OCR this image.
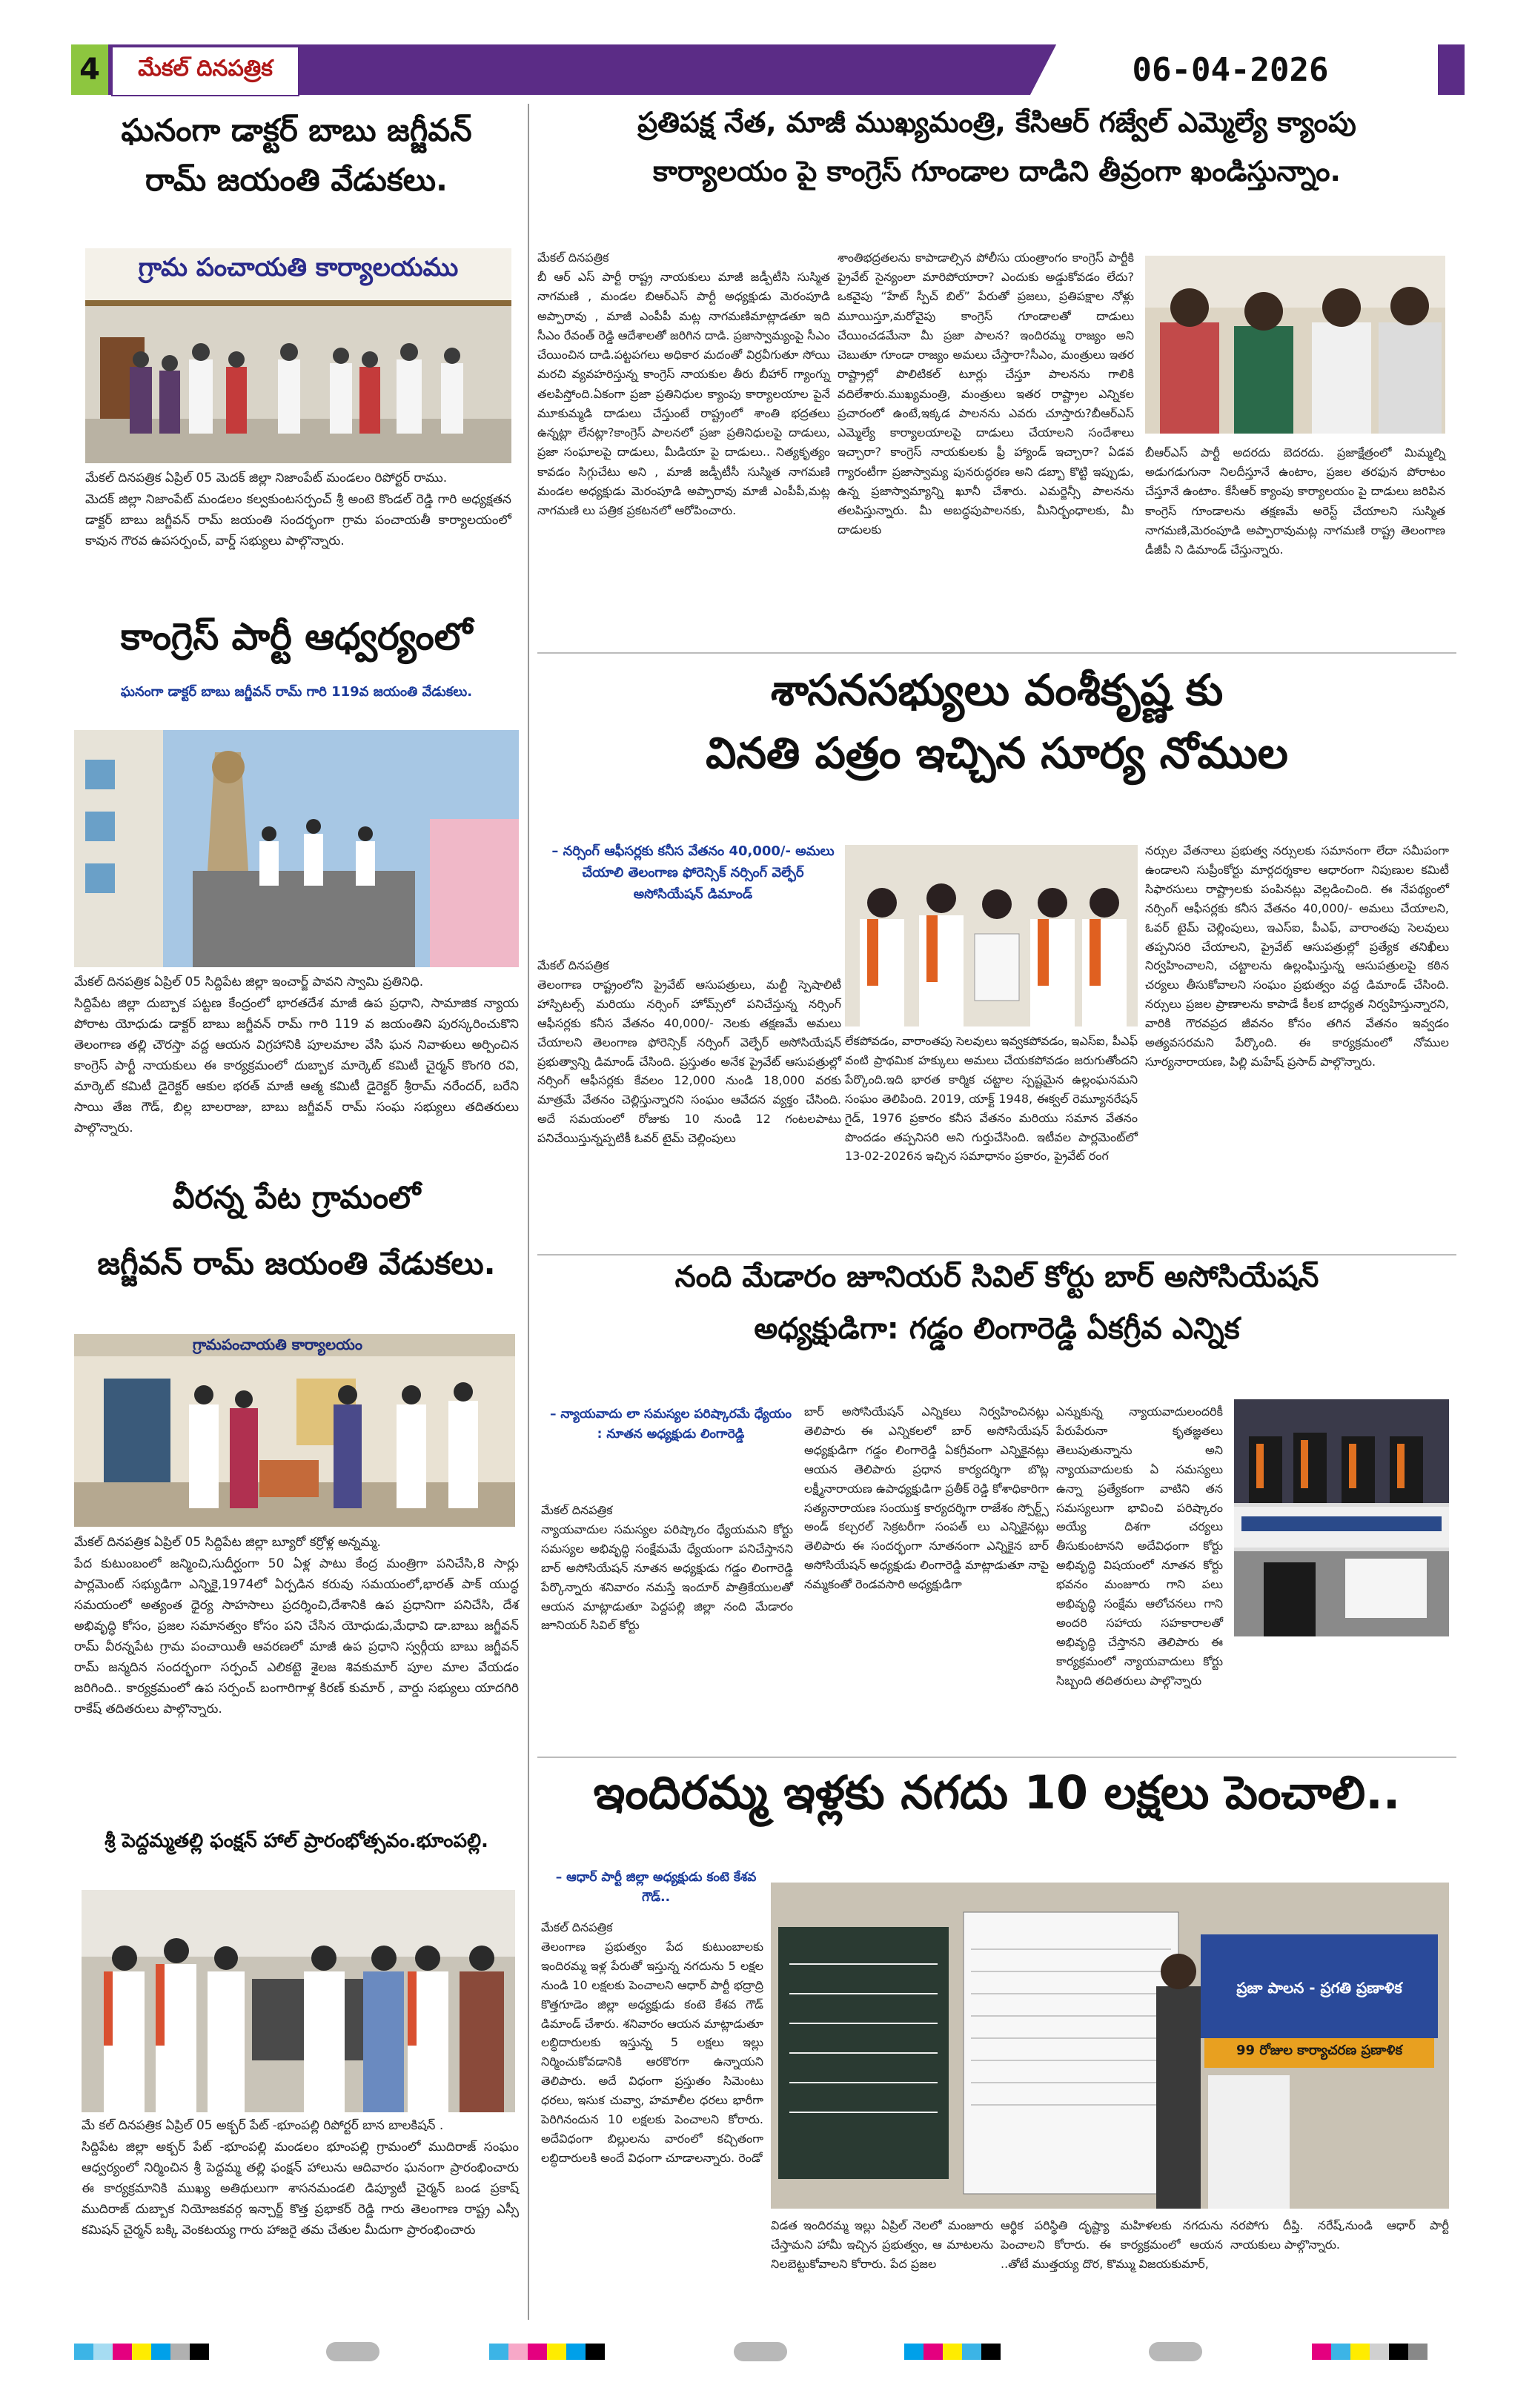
4	మేకల్ దినపత్రిక	06-04-2026
ఘనంగా డాక్టర్ బాబు జగ్జీవన్
రామ్ జయంతి వేడుకలు.
గ్రామ పంచాయతి కార్యాలయము
మేకల్ దినపత్రిక ఏప్రిల్ 05 మెదక్ జిల్లా నిజాంపేట్ మండలం రిపోర్టర్ రాము.
మెదక్ జిల్లా నిజాంపేట్ మండలం కల్వకుంటసర్పంచ్ శ్రీ అంటె కొండల్ రెడ్డి గారి అధ్యక్షతన డాక్టర్ బాబు జగ్జీవన్ రామ్ జయంతి సందర్భంగా గ్రామ పంచాయతీ కార్యాలయంలో కావున గౌరవ ఉపసర్పంచ్, వార్డ్ సభ్యులు పాల్గొన్నారు.
కాంగ్రెస్ పార్టీ ఆధ్వర్యంలో
ఘనంగా డాక్టర్ బాబు జగ్జీవన్ రామ్ గారి 119వ జయంతి వేడుకలు.
మేకల్ దినపత్రిక ఏప్రిల్ 05 సిద్దిపేట జిల్లా ఇంచార్జ్ పావని స్వామి ప్రతినిధి.
సిద్దిపేట జిల్లా దుబ్బాక పట్టణ కేంద్రంలో భారతదేశ మాజీ ఉప ప్రధాని, సామాజిక న్యాయ పోరాట యోధుడు డాక్టర్ బాబు జగ్జీవన్ రామ్ గారి 119 వ జయంతిని పురస్కరించుకొని తెలంగాణ తల్లి చౌరస్తా వద్ద ఆయన విగ్రహానికి పూలమాల వేసి ఘన నివాళులు అర్పించిన కాంగ్రెస్ పార్టీ నాయకులు ఈ కార్యక్రమంలో దుబ్బాక మార్కెట్ కమిటీ చైర్మన్ కొంగరి రవి, మార్కెట్ కమిటీ డైరెక్టర్ ఆకుల భరత్ మాజీ ఆత్మ కమిటీ డైరెక్టర్ శ్రీరామ్ నరేందర్, బరేని సాయి తేజ గౌడ్, బిల్ల బాలరాజు, బాబు జగ్జీవన్ రామ్ సంఘ సభ్యులు తదితరులు పాల్గొన్నారు.
వీరన్న పేట గ్రామంలో
జగ్జీవన్ రామ్ జయంతి వేడుకలు.
గ్రామపంచాయతి కార్యాలయం
మేకల్ దినపత్రిక ఏప్రిల్ 05 సిద్దిపేట జిల్లా బ్యూరో కర్రోళ్ల అన్నమ్మ.
పేద కుటుంబంలో జన్మించి,సుదీర్ఘంగా 50 ఏళ్ల పాటు కేంద్ర మంత్రిగా పనిచేసి,8 సార్లు పార్లమెంట్ సభ్యుడిగా ఎన్నికై,1974లో ఏర్పడిన కరువు సమయంలో,భారత్ పాక్ యుద్ధ సమయంలో అత్యంత ధైర్య సాహసాలు ప్రదర్శించి,దేశానికి ఉప ప్రధానిగా పనిచేసి, దేశ అభివృద్ధి కోసం, ప్రజల సమానత్వం కోసం పని చేసిన యోధుడు,మేధావి డా.బాబు జగ్జీవన్ రామ్ వీరన్నపేట గ్రామ పంచాయితీ ఆవరణలో మాజీ ఉప ప్రధాని స్వర్గీయ బాబు జగ్జీవన్ రామ్ జన్మదిన సందర్భంగా సర్పంచ్ ఎలికట్టె శైలజ శివకుమార్ పూల మాల వేయడం జరిగింది.. కార్యక్రమంలో ఉప సర్పంచ్ బంగారిగాళ్ల కిరణ్ కుమార్ , వార్డు సభ్యులు యాదగిరి రాకేష్ తదితరులు పాల్గొన్నారు.
శ్రీ పెద్దమ్మతల్లి ఫంక్షన్ హాల్ ప్రారంభోత్సవం.భూంపల్లి.
మే కల్ దినపత్రిక ఏప్రిల్ 05 అక్బర్ పేట్ -భూంపల్లి రిపోర్టర్ బాన బాలకిషన్ .
సిద్దిపేట జిల్లా అక్బర్ పేట్ -భూంపల్లి మండలం భూంపల్లి గ్రామంలో ముదిరాజ్ సంఘం ఆధ్వర్యంలో నిర్మించిన శ్రీ పెద్దమ్మ తల్లి ఫంక్షన్ హాలును ఆదివారం ఘనంగా ప్రారంభించారు ఈ కార్యక్రమానికి ముఖ్య అతిథులుగా శాసనమండలి డిప్యూటీ చైర్మన్ బండ ప్రకాష్ ముదిరాజ్ దుబ్బాక నియోజకవర్గ ఇన్చార్జ్ కొత్త ప్రభాకర్ రెడ్డి గారు తెలంగాణ రాష్ట్ర ఎస్సీ కమిషన్ చైర్మన్ బక్కి వెంకటయ్య గారు హాజరై తమ చేతుల మీదుగా ప్రారంభించారు
ప్రతిపక్ష నేత, మాజీ ముఖ్యమంత్రి, కేసిఆర్ గజ్వేల్ ఎమ్మెల్యే క్యాంపు
కార్యాలయం పై కాంగ్రెస్ గూండాల దాడిని తీవ్రంగా ఖండిస్తున్నాం.
మేకల్ దినపత్రిక
బీ ఆర్ ఎస్ పార్టీ రాష్ట్ర నాయకులు మాజీ జడ్పీటీసి సుస్మిత నాగమణి , మండల బిఆర్ఎస్ పార్టీ అధ్యక్షుడు మెరంపూడి అప్పారావు , మాజీ ఎంపీపీ మట్ల నాగమణిమాట్లాడతూ ఇది సీఎం రేవంత్ రెడ్డి ఆదేశాలతో జరిగిన దాడి. ప్రజాస్వామ్యంపై సీఎం చేయించిన దాడి.పట్టపగలు అధికార మదంతో విర్రవీగుతూ సోయి మరచి వ్యవహరిస్తున్న కాంగ్రెస్ నాయకుల తీరు బీహార్ గ్యాంగ్ను తలపిస్తోంది.ఏకంగా ప్రజా ప్రతినిధుల క్యాంపు కార్యాలయాల పైనే మూకుమ్మడి దాడులు చేస్తుంటే రాష్ట్రంలో శాంతి భద్రతలు ఉన్నట్లా లేనట్లా?కాంగ్రెస్ పాలనలో ప్రజా ప్రతినిధులపై దాడులు, ప్రజా సంఘాలపై దాడులు, మీడియా పై దాడులు.. నిత్యకృత్యం కావడం సిగ్గుచేటు అని , మాజీ జడ్పీటీసీ సుస్మిత నాగమణి మండల అధ్యక్షుడు మెరంపూడి అప్పారావు మాజీ ఎంపీపీ,మట్ల నాగమణి లు పత్రిక ప్రకటనలో ఆరోపించారు.
శాంతిభద్రతలను కాపాడాల్సిన పోలీసు యంత్రాంగం కాంగ్రెస్ పార్టీకి ప్రైవేట్ సైన్యంలా మారిపోయారా? ఎందుకు అడ్డుకోవడం లేదు? ఒకవైపు “హేట్ స్పీచ్ బిల్” పేరుతో ప్రజలు, ప్రతిపక్షాల నోళ్లు మూయిస్తూ,మరోవైపు కాంగ్రెస్ గూండాలతో దాడులు చేయించడమేనా మీ ప్రజా పాలన? ఇందిరమ్మ రాజ్యం అని చెబుతూ గూండా రాజ్యం అమలు చేస్తారా?సీఎం, మంత్రులు ఇతర రాష్ట్రాల్లో పొలిటికల్ టూర్లు చేస్తూ పాలనను గాలికి వదిలేశారు.ముఖ్యమంత్రి, మంత్రులు ఇతర రాష్ట్రాల ఎన్నికల ప్రచారంలో ఉంటే,ఇక్కడ పాలనను ఎవరు చూస్తారు?బీఆర్ఎస్ ఎమ్మెల్యే కార్యాలయాలపై దాడులు చేయాలని సందేశాలు ఇచ్చారా? కాంగ్రెస్ నాయకులకు ఫ్రీ హ్యాండ్ ఇచ్చారా? ఏడవ గ్యారంటీగా ప్రజాస్వామ్య పునరుద్ధరణ అని డబ్బా కొట్టి ఇప్పుడు, ఉన్న ప్రజాస్వామ్యాన్ని ఖూనీ చేశారు. ఎమర్జెన్సీ పాలనను తలపిస్తున్నారు. మీ అబద్ధపుపాలనకు, మీనిర్బంధాలకు, మీ దాడులకు
బీఆర్ఎస్ పార్టీ అదరదు బెదరదు. ప్రజాక్షేత్రంలో మిమ్మల్ని అడుగడుగునా నిలదీస్తూనే ఉంటాం, ప్రజల తరఫున పోరాటం చేస్తూనే ఉంటాం. కేసీఆర్ క్యాంపు కార్యాలయం పై దాడులు జరిపిన కాంగ్రెస్ గూండాలను తక్షణమే అరెస్ట్ చేయాలని సుస్మిత నాగమణి,మెరంపూడి అప్పారావుమట్ల నాగమణి రాష్ట్ర తెలంగాణ డీజీపీ ని డిమాండ్ చేస్తున్నారు.
శాసనసభ్యులు వంశీకృష్ణ కు
వినతి పత్రం ఇచ్చిన సూర్య నోముల
– నర్సింగ్ ఆఫీసర్లకు కనీస వేతనం 40,000/- అమలు చేయాలి తెలంగాణ ఫోరెన్సిక్ నర్సింగ్ వెల్ఫేర్ అసోసియేషన్ డిమాండ్
మేకల్ దినపత్రిక
తెలంగాణ రాష్ట్రంలోని ప్రైవేట్ ఆసుపత్రులు, మల్టీ స్పెషాలిటీ హాస్పిటల్స్ మరియు నర్సింగ్ హోమ్స్‌లో పనిచేస్తున్న నర్సింగ్ ఆఫీసర్లకు కనీస వేతనం 40,000/- నెలకు తక్షణమే అమలు చేయాలని తెలంగాణ ఫోరెన్సిక్ నర్సింగ్ వెల్ఫేర్ అసోసియేషన్ ప్రభుత్వాన్ని డిమాండ్ చేసింది. ప్రస్తుతం అనేక ప్రైవేట్ ఆసుపత్రుల్లో నర్సింగ్ ఆఫీసర్లకు కేవలం 12,000 నుండి 18,000 వరకు మాత్రమే వేతనం చెల్లిస్తున్నారని సంఘం ఆవేదన వ్యక్తం చేసింది. అదే సమయంలో రోజుకు 10 నుండి 12 గంటలపాటు పనిచేయిస్తున్నప్పటికీ ఓవర్ టైమ్ చెల్లింపులు
లేకపోవడం, వారాంతపు సెలవులు ఇవ్వకపోవడం, ఇఎస్ఐ, పీఎఫ్ వంటి ప్రాథమిక హక్కులు అమలు చేయకపోవడం జరుగుతోందని పేర్కొంది.ఇది భారత కార్మిక చట్టాల స్పష్టమైన ఉల్లంఘనమని సంఘం తెలిపింది. 2019, యాక్ట్ 1948, ఈక్వల్ రెమ్యూనరేషన్ గైడ్‌, 1976 ప్రకారం కనీస వేతనం మరియు సమాన వేతనం పొందడం తప్పనిసరి అని గుర్తుచేసింది. ఇటీవల పార్లమెంట్‌లో 13-02-2026న ఇచ్చిన సమాధానం ప్రకారం, ప్రైవేట్ రంగ
నర్సుల వేతనాలు ప్రభుత్వ నర్సులకు సమానంగా లేదా సమీపంగా ఉండాలని సుప్రీంకోర్టు మార్గదర్శకాల ఆధారంగా నిపుణుల కమిటీ సిఫారసులు రాష్ట్రాలకు పంపినట్లు వెల్లడించింది. ఈ నేపథ్యంలో నర్సింగ్ ఆఫీసర్లకు కనీస వేతనం 40,000/- అమలు చేయాలని, ఓవర్ టైమ్ చెల్లింపులు, ఇఎస్ఐ, పీఎఫ్, వారాంతపు సెలవులు తప్పనిసరి చేయాలని, ప్రైవేట్ ఆసుపత్రుల్లో ప్రత్యేక తనిఖీలు నిర్వహించాలని, చట్టాలను ఉల్లంఘిస్తున్న ఆసుపత్రులపై కఠిన చర్యలు తీసుకోవాలని సంఘం ప్రభుత్వం వద్ద డిమాండ్ చేసింది. నర్సులు ప్రజల ప్రాణాలను కాపాడే కీలక బాధ్యత నిర్వహిస్తున్నారని, వారికి గౌరవప్రద జీవనం కోసం తగిన వేతనం ఇవ్వడం అత్యవసరమని పేర్కొంది. ఈ కార్యక్రమంలో నోముల సూర్యనారాయణ, పిల్లి మహేష్ ప్రసాద్ పాల్గొన్నారు.
నంది మేడారం జూనియర్ సివిల్ కోర్టు బార్ అసోసియేషన్
అధ్యక్షుడిగా: గడ్డం లింగారెడ్డి ఏకగ్రీవ ఎన్నిక
– న్యాయవాదు లా సమస్యల పరిష్కారమే ధ్యేయం : నూతన అధ్యక్షుడు లింగారెడ్డి
మేకల్ దినపత్రిక
న్యాయవాదుల సమస్యల పరిష్కారం ధ్యేయమని కోర్టు సమస్యల అభివృద్ధి సంక్షేమమే ధ్యేయంగా పనిచేస్తానని బార్ అసోసియేషన్ నూతన అధ్యక్షుడు గడ్డం లింగారెడ్డి పేర్కొన్నారు శనివారం నమస్తే ఇందూర్ పాత్రికేయులతో ఆయన మాట్లాడుతూ పెద్దపల్లి జిల్లా నంది మేడారం జూనియర్ సివిల్ కోర్టు
బార్ అసోసియేషన్ ఎన్నికలు నిర్వహించినట్లు తెలిపారు ఈ ఎన్నికలలో బార్ అసోసియేషన్ అధ్యక్షుడిగా గడ్డం లింగారెడ్డి ఏకగ్రీవంగా ఎన్నికైనట్లు ఆయన తెలిపారు ప్రధాన కార్యదర్శిగా బొట్ల లక్ష్మీనారాయణ ఉపాధ్యక్షుడిగా ప్రతీక్ రెడ్డి కోశాధికారిగా సత్యనారాయణ సంయుక్త కార్యదర్శిగా రాజేశం స్పోర్ట్స్ అండ్ కల్చరల్ సెక్రటరీగా సంపత్ లు ఎన్నికైనట్లు తెలిపారు ఈ సందర్భంగా నూతనంగా ఎన్నికైన బార్ అసోసియేషన్ అధ్యక్షుడు లింగారెడ్డి మాట్లాడుతూ నాపై నమ్మకంతో రెండవసారి అధ్యక్షుడిగా
ఎన్నుకున్న న్యాయవాదులందరికీ పేరుపేరునా కృతజ్ఞతలు తెలుపుతున్నాను అని న్యాయవాదులకు ఏ సమస్యలు ఉన్నా ప్రత్యేకంగా వాటిని తన సమస్యలుగా భావించి పరిష్కారం అయ్యే దిశగా చర్యలు తీసుకుంటానని అదేవిధంగా కోర్టు అభివృద్ధి విషయంలో నూతన కోర్టు భవనం మంజూరు గాని పలు అభివృద్ధి సంక్షేమ ఆలోచనలు గాని అందరి సహాయ సహకారాలతో అభివృద్ధి చేస్తానని తెలిపారు ఈ కార్యక్రమంలో న్యాయవాదులు కోర్టు సిబ్బంది తదితరులు పాల్గొన్నారు
ఇందిరమ్మ ఇళ్లకు నగదు 10 లక్షలు పెంచాలి..
– ఆధార్ పార్టీ జిల్లా అధ్యక్షుడు కంటె కేశవ గౌడ్..
మేకల్ దినపత్రిక
తెలంగాణ ప్రభుత్వం పేద కుటుంబాలకు ఇందిరమ్మ ఇళ్ల పేరుతో ఇస్తున్న నగదును 5 లక్షల నుండి 10 లక్షలకు పెంచాలని ఆధార్ పార్టీ భద్రాద్రి కొత్తగూడెం జిల్లా అధ్యక్షుడు కంటె కేశవ గౌడ్ డిమాండ్ చేశారు. శనివారం ఆయన మాట్లాడుతూ లబ్ధిదారులకు ఇస్తున్న 5 లక్షలు ఇల్లు నిర్మించుకోవడానికి ఆరకొరగా ఉన్నాయని తెలిపారు. అదే విధంగా ప్రస్తుతం సిమెంటు ధరలు, ఇసుక చువ్వా, హమాలీల ధరలు భారీగా పెరిగినందున 10 లక్షలకు పెంచాలని కోరారు. అదేవిధంగా బిల్లులను వారంలో కచ్చితంగా లబ్ధిదారులకి అందే విధంగా చూడాలన్నారు. రెండో
ప్రజా పాలన - ప్రగతి ప్రణాళిక
99 రోజుల కార్యాచరణ ప్రణాళిక
విడత ఇందిరమ్మ ఇల్లు ఏప్రిల్ నెలలో మంజూరు చేస్తామని హామీ ఇచ్చిన ప్రభుత్వం, ఆ మాటలను నిలబెట్టుకోవాలని కోరారు. పేద ప్రజల
ఆర్థిక పరిస్థితి దృష్ట్యా మహిళలకు నగదును పెంచాలని కోరారు. ఈ కార్యక్రమంలో ఆయన ..తోటే ముత్తయ్య దొర, కొమ్ము విజయకుమార్,
నరపోగు దీప్తి. నరేష్,నుండి ఆధార్ పార్టీ నాయకులు పాల్గొన్నారు.
